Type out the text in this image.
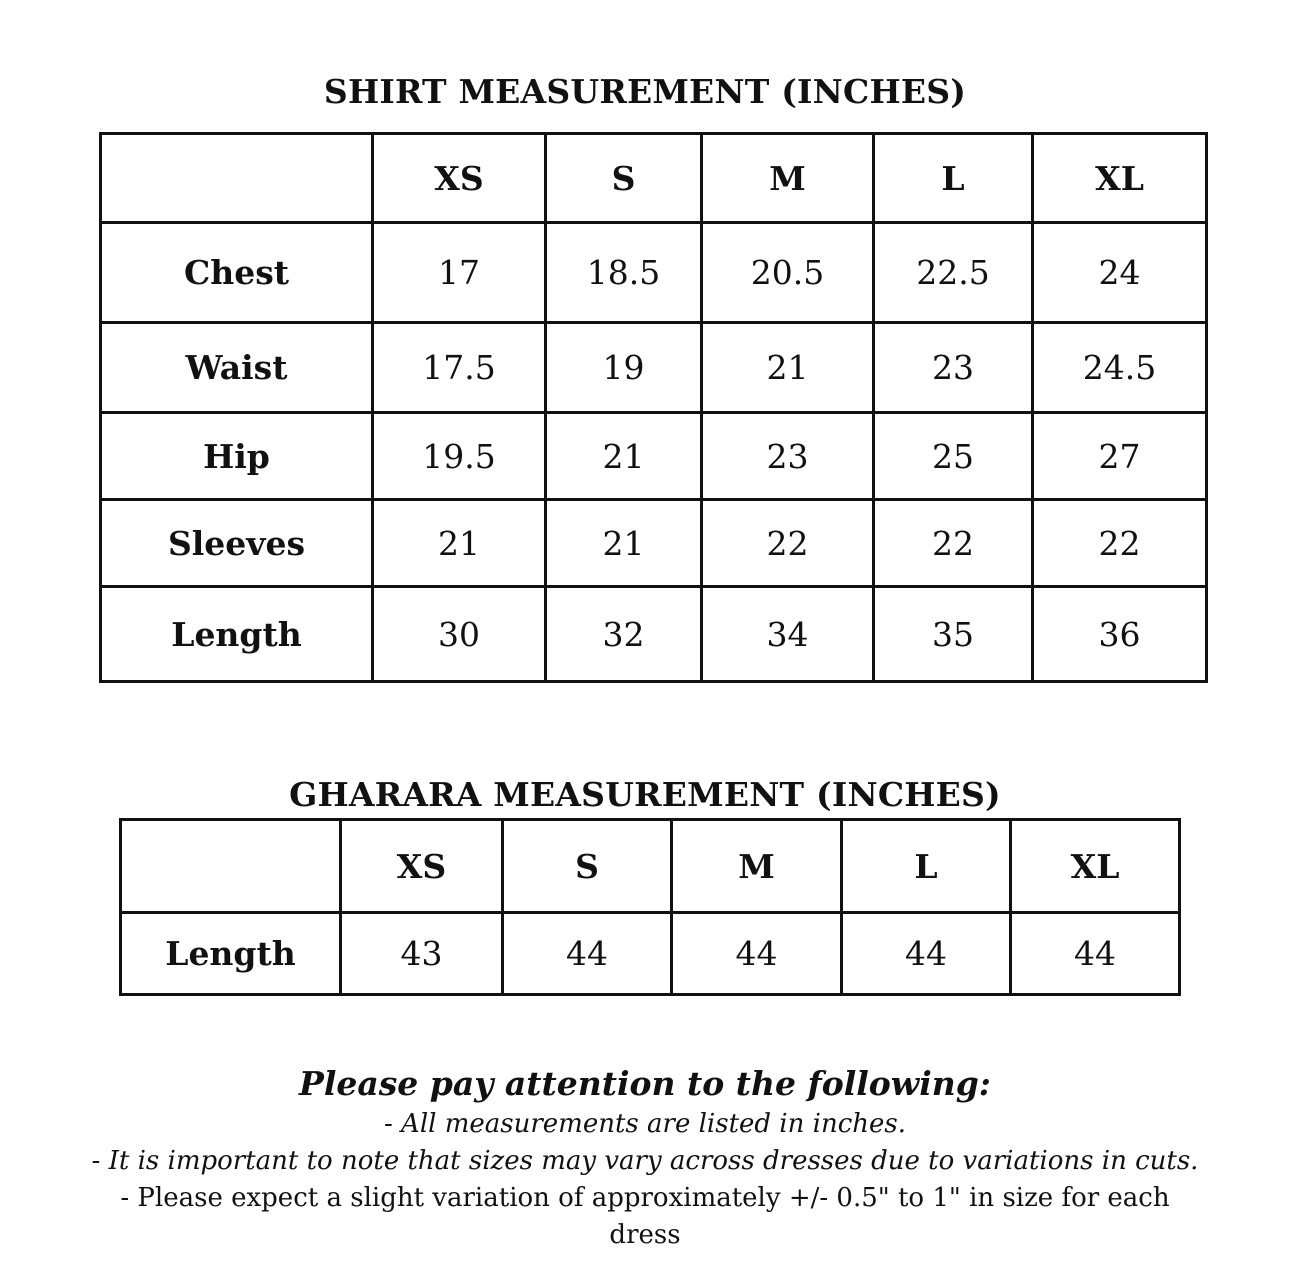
SHIRT MEASUREMENT (INCHES)
	XS	S	M	L	XL
Chest	17	18.5	20.5	22.5	24
Waist	17.5	19	21	23	24.5
Hip	19.5	21	23	25	27
Sleeves	21	21	22	22	22
Length	30	32	34	35	36
GHARARA MEASUREMENT (INCHES)
	XS	S	M	L	XL
Length	43	44	44	44	44
Please pay attention to the following:
- All measurements are listed in inches.
- It is important to note that sizes may vary across dresses due to variations in cuts.
- Please expect a slight variation of approximately +/- 0.5" to 1" in size for each dress
